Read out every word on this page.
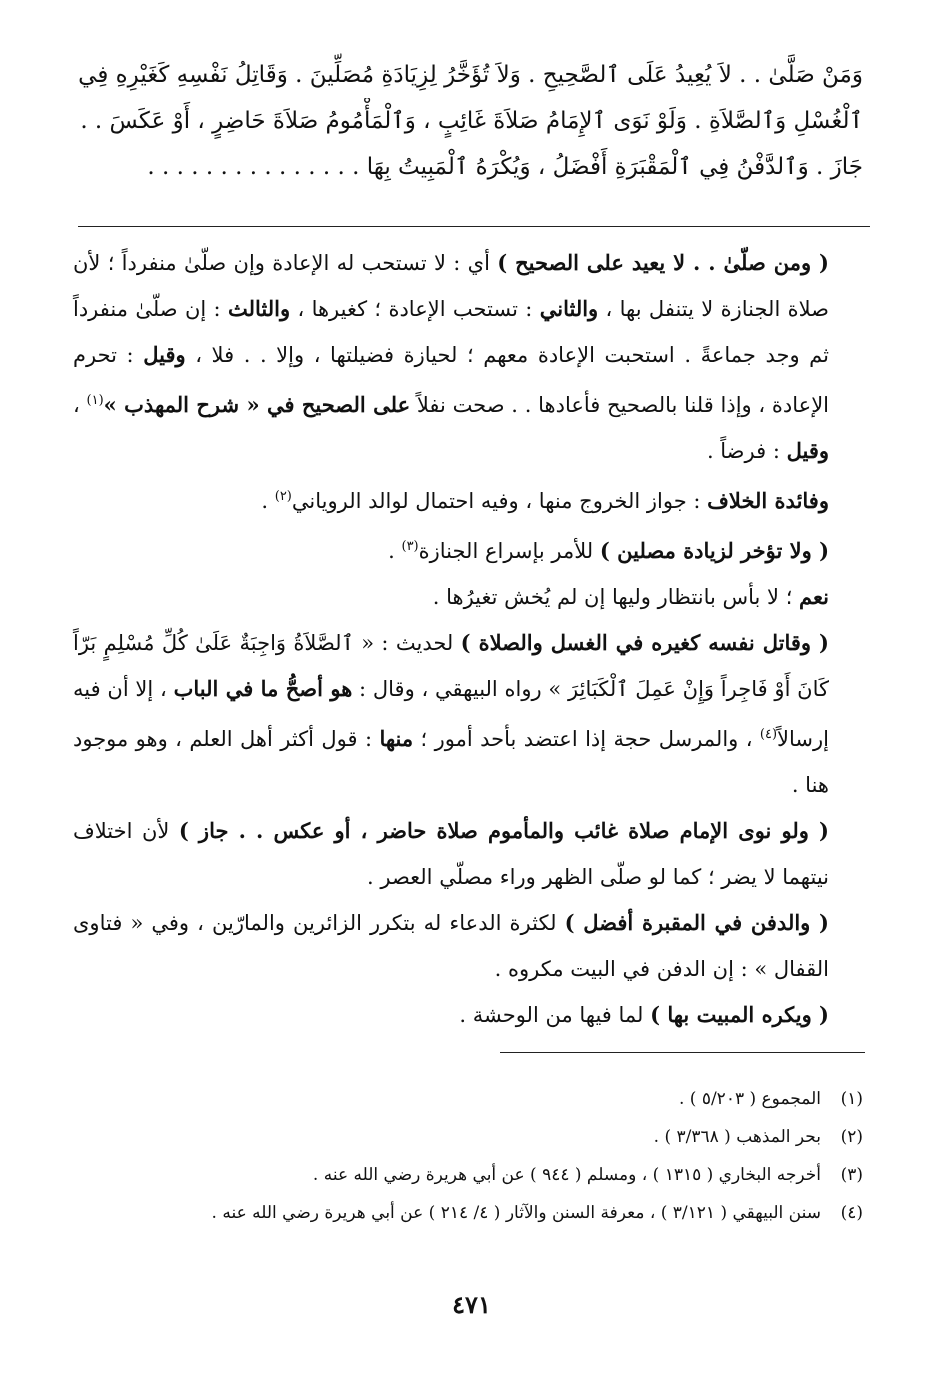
وَمَنْ صَلَّىٰ . . لاَ يُعِيدُ عَلَى ٱلصَّحِيحِ . وَلاَ تُؤَخَّرُ لِزِيَادَةِ مُصَلِّينَ . وَقَاتِلُ نَفْسِهِ كَغَيْرِهِ فِي
ٱلْغُسْلِ وَٱلصَّلاَةِ . وَلَوْ نَوَى ٱلإِمَامُ صَلاَةَ غَائِبٍ ، وَٱلْمَأْمُومُ صَلاَةَ حَاضِرٍ ، أَوْ عَكَسَ . .
جَازَ . وَٱلدَّفْنُ فِي ٱلْمَقْبَرَةِ أَفْضَلُ ، وَيُكْرَهُ ٱلْمَبِيتُ بِهَا . . . . . . . . . . . . . . .

( ومن صلّىٰ . . لا يعيد على الصحيح ) أي : لا تستحب له الإعادة وإن صلّىٰ منفرداً ؛ لأن صلاة الجنازة لا يتنفل بها ، والثاني : تستحب الإعادة ؛ كغيرها ، والثالث : إن صلّىٰ منفرداً ثم وجد جماعةً . استحبت الإعادة معهم ؛ لحيازة فضيلتها ، وإلا . . فلا ، وقيل : تحرم الإعادة ، وإذا قلنا بالصحيح فأعادها . . صحت نفلاً على الصحيح في « شرح المهذب »$^{(١)}$ ، وقيل : فرضاً .

وفائدة الخلاف : جواز الخروج منها ، وفيه احتمال لوالد الروياني$^{(٢)}$ .

( ولا تؤخر لزيادة مصلين ) للأمر بإسراع الجنازة$^{(٣)}$ .

نعم ؛ لا بأس بانتظار وليها إن لم يُخش تغيرُها .

( وقاتل نفسه كغيره في الغسل والصلاة ) لحديث : « ٱلصَّلاَةُ وَاجِبَةٌ عَلَىٰ كُلِّ مُسْلِمٍ بَرّاً كَانَ أَوْ فَاجِراً وَإِنْ عَمِلَ ٱلْكَبَائِرَ » رواه البيهقي ، وقال : هو أصحُّ ما في الباب ، إلا أن فيه إرسالاً$^{(٤)}$ ، والمرسل حجة إذا اعتضد بأحد أمور ؛ منها : قول أكثر أهل العلم ، وهو موجود هنا .

( ولو نوى الإمام صلاة غائب والمأموم صلاة حاضر ، أو عكس . . جاز ) لأن اختلاف نيتهما لا يضر ؛ كما لو صلّى الظهر وراء مصلّي العصر .

( والدفن في المقبرة أفضل ) لكثرة الدعاء له بتكرر الزائرين والمارّين ، وفي « فتاوى القفال » : إن الدفن في البيت مكروه .

( ويكره المبيت بها ) لما فيها من الوحشة .

(١)المجموع ( ٥/٢٠٣ ) .
(٢)بحر المذهب ( ٣/٣٦٨ ) .
(٣)أخرجه البخاري ( ١٣١٥ ) ، ومسلم ( ٩٤٤ ) عن أبي هريرة رضي الله عنه .
(٤)سنن البيهقي ( ٣/١٢١ ) ، معرفة السنن والآثار ( ٤/ ٢١٤ ) عن أبي هريرة رضي الله عنه .
٤٧١
